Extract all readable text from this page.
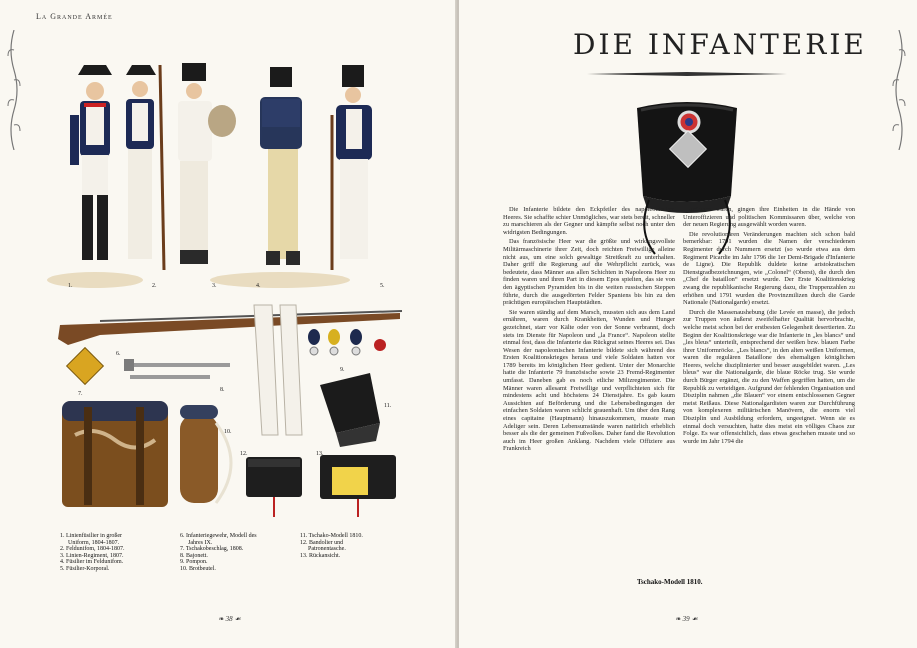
La Grande Armée
1.	2.	3.	4.	5.
6.
7.
8.
9.
10.
11.
12.	13.
1. Linienfüsilier in großer
Uniform, 1804-1807.
2. Feldunifom, 1804-1807.
3. Linien-Regiment, 1807.
4. Füsilier im Feldunifom.
5. Füsilier-Korporal.
6. Infanteriegewehr, Modell des
Jahres IX.
7. Tschakobeschlag, 1808.
8. Bajonett.
9. Pompon.
10. Brotbeutel.
11. Tschako-Modell 1810.
12. Bandolier und
Patronentasche.
13. Rückansicht.
❧ 38 ☙
DIE INFANTERIE

Die Infanterie bildete den Eckpfeiler des napoleonischen Heeres. Sie schaffte schier Unmögliches, war stets bereit, schneller zu marschieren als der Gegner und kämpfte selbst noch unter den widrigsten Bedingungen.

Das französische Heer war die größte und wirkungsvollste Militärmaschinerie ihrer Zeit, doch reichten Freiwillige alleine nicht aus, um eine solch gewaltige Streitkraft zu unterhalten. Daher griff die Regierung auf die Wehrpflicht zurück, was bedeutete, dass Männer aus allen Schichten in Napoleons Heer zu finden waren und ihren Part in diesem Epos spielten, das sie von den ägyptischen Pyramiden bis in die weiten russischen Steppen führte, durch die ausgedörrten Felder Spaniens bis hin zu den prächtigen europäischen Hauptstädten.

Sie waren ständig auf dem Marsch, mussten sich aus dem Land ernähren, waren durch Krankheiten, Wunden und Hunger gezeichnet, starr vor Kälte oder von der Sonne verbrannt, doch stets im Dienste für Napoleon und „la France“. Napoleon stellte einmal fest, dass die Infanterie das Rückgrat seines Heeres sei. Das Wesen der napoleonischen Infanterie bildete sich während des Ersten Koalitionskrieges heraus und viele Soldaten hatten vor 1789 bereits im königlichen Heer gedient. Unter der Monarchie hatte die Infanterie 79 französische sowie 23 Fremd-Regimenter umfasst. Daneben gab es noch etliche Milizregimenter. Die Männer waren allesamt Freiwillige und verpflichteten sich für mindestens acht und höchstens 24 Dienstjahre. Es gab kaum Aussichten auf Beförderung und die Lebensbedingungen der einfachen Soldaten waren schlicht grauenhaft. Um über den Rang eines capitaine (Hauptmann) hinauszukommen, musste man Adeliger sein. Deren Lebensumstände waren natürlich erheblich besser als die der gemeinen Fußvolkes. Daher fand die Revolution auch im Heer großen Anklang. Nachdem viele Offiziere aus Frankreich

geflohen waren, gingen ihre Einheiten in die Hände von Unteroffizieren und politischen Kommissaren über, welche von der neuen Regierung ausgewählt worden waren.

Die revolutionären Veränderungen machten sich schon bald bemerkbar: 1791 wurden die Namen der verschiedenen Regimenter durch Nummern ersetzt (so wurde etwa aus dem Regiment Picardie im Jahr 1796 die 1er Demi-Brigade d'Infanterie de Ligne). Die Republik duldete keine aristokratischen Dienstgradbezeichnungen, wie „Colonel“ (Oberst), die durch den „Chef de bataillon“ ersetzt wurde. Der Erste Koalitionskrieg zwang die republikanische Regierung dazu, die Truppenzahlen zu erhöhen und 1791 wurden die Provinzmilizen durch die Garde Nationale (Nationalgarde) ersetzt.

Durch die Massenaushebung (die Levée en masse), die jedoch zur Truppen von äußerst zweifelhafter Qualität hervorbrachte, welche meist schon bei der erstbesten Gelegenheit desertierten. Zu Beginn der Koalitionskriege war die Infanterie in „les blancs“ und „les bleus“ unterteilt, entsprechend der weißen bzw. blauen Farbe ihrer Uniformröcke. „Les blancs“, in den alten weißen Uniformen, waren die regulären Bataillone des ehemaligen königlichen Heeres, welche disziplinierter und besser ausgebildet waren. „Les bleus“ war die Nationalgarde, die blaue Röcke trug. Sie wurde durch Bürger ergänzt, die zu den Waffen gegriffen hatten, um die Republik zu verteidigen. Aufgrund der fehlenden Organisation und Disziplin nahmen „die Blauen“ vor einem entschlossenen Gegner meist Reißaus. Diese Nationalgardisten waren zur Durchführung von komplexeren militärischen Manövern, die enorm viel Disziplin und Ausbildung erfordern, ungeeignet. Wenn sie es einmal doch versuchten, hatte dies meist ein völliges Chaos zur Folge. Es war offensichtlich, dass etwas geschehen musste und so wurde im Jahr 1794 die

Tschako-Modell 1810.
❧ 39 ☙
